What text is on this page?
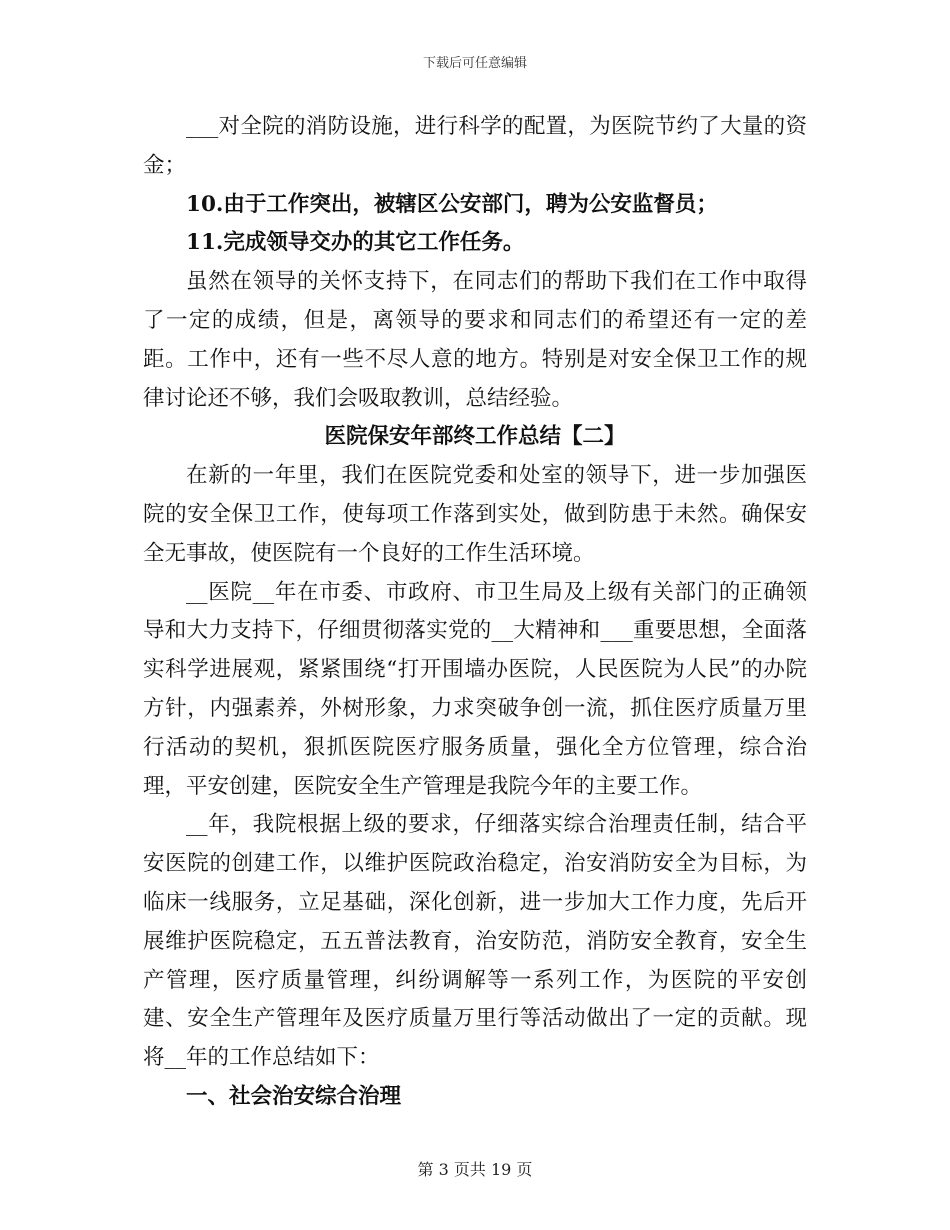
下载后可任意编辑

___对全院的消防设施，进行科学的配置，为医院节约了大量的资金；

10.由于工作突出，被辖区公安部门，聘为公安监督员；

11.完成领导交办的其它工作任务。

虽然在领导的关怀支持下，在同志们的帮助下我们在工作中取得了一定的成绩，但是，离领导的要求和同志们的希望还有一定的差距。工作中，还有一些不尽人意的地方。特别是对安全保卫工作的规律讨论还不够，我们会吸取教训，总结经验。

医院保安年部终工作总结【二】

在新的一年里，我们在医院党委和处室的领导下，进一步加强医院的安全保卫工作，使每项工作落到实处，做到防患于未然。确保安全无事故，使医院有一个良好的工作生活环境。

__医院__年在市委、市政府、市卫生局及上级有关部门的正确领导和大力支持下，仔细贯彻落实党的__大精神和___重要思想，全面落实科学进展观，紧紧围绕“打开围墙办医院，人民医院为人民”的办院方针，内强素养，外树形象，力求突破争创一流，抓住医疗质量万里行活动的契机，狠抓医院医疗服务质量，强化全方位管理，综合治理，平安创建，医院安全生产管理是我院今年的主要工作。

__年，我院根据上级的要求，仔细落实综合治理责任制，结合平安医院的创建工作，以维护医院政治稳定，治安消防安全为目标，为临床一线服务，立足基础，深化创新，进一步加大工作力度，先后开展维护医院稳定，五五普法教育，治安防范，消防安全教育，安全生产管理，医疗质量管理，纠纷调解等一系列工作，为医院的平安创建、安全生产管理年及医疗质量万里行等活动做出了一定的贡献。现将__年的工作总结如下：

一、社会治安综合治理

第 3 页共 19 页
